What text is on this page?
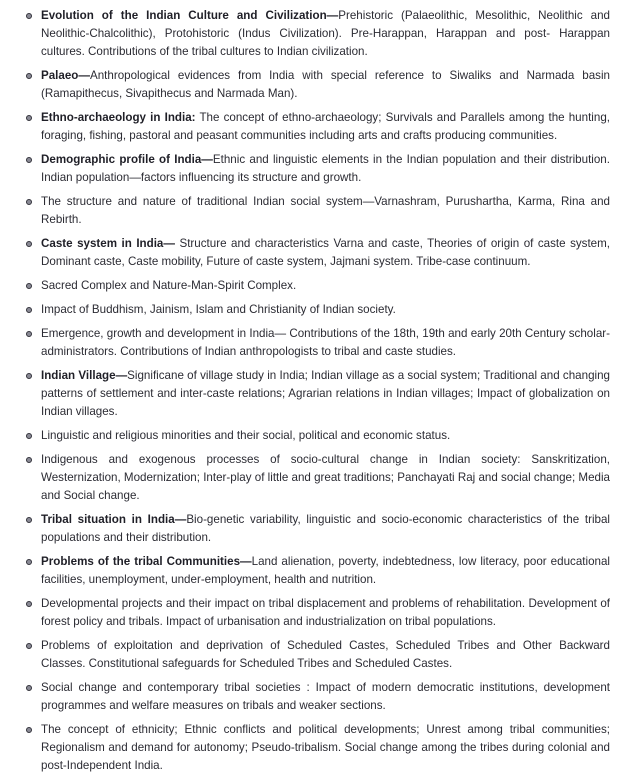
Evolution of the Indian Culture and Civilization—Prehistoric (Palaeolithic, Mesolithic, Neolithic and Neolithic-Chalcolithic), Protohistoric (Indus Civilization). Pre-Harappan, Harappan and post- Harappan cultures. Contributions of the tribal cultures to Indian civilization.
Palaeo—Anthropological evidences from India with special reference to Siwaliks and Narmada basin (Ramapithecus, Sivapithecus and Narmada Man).
Ethno-archaeology in India: The concept of ethno-archaeology; Survivals and Parallels among the hunting, foraging, fishing, pastoral and peasant communities including arts and crafts producing communities.
Demographic profile of India—Ethnic and linguistic elements in the Indian population and their distribution. Indian population—factors influencing its structure and growth.
The structure and nature of traditional Indian social system—Varnashram, Purushartha, Karma, Rina and Rebirth.
Caste system in India— Structure and characteristics Varna and caste, Theories of origin of caste system, Dominant caste, Caste mobility, Future of caste system, Jajmani system. Tribe-case continuum.
Sacred Complex and Nature-Man-Spirit Complex.
Impact of Buddhism, Jainism, Islam and Christianity of Indian society.
Emergence, growth and development in India— Contributions of the 18th, 19th and early 20th Century scholar-administrators. Contributions of Indian anthropologists to tribal and caste studies.
Indian Village—Significane of village study in India; Indian village as a social system; Traditional and changing patterns of settlement and inter-caste relations; Agrarian relations in Indian villages; Impact of globalization on Indian villages.
Linguistic and religious minorities and their social, political and economic status.
Indigenous and exogenous processes of socio-cultural change in Indian society: Sanskritization, Westernization, Modernization; Inter-play of little and great traditions; Panchayati Raj and social change; Media and Social change.
Tribal situation in India—Bio-genetic variability, linguistic and socio-economic characteristics of the tribal populations and their distribution.
Problems of the tribal Communities—Land alienation, poverty, indebtedness, low literacy, poor educational facilities, unemployment, under-employment, health and nutrition.
Developmental projects and their impact on tribal displacement and problems of rehabilitation. Development of forest policy and tribals. Impact of urbanisation and industrialization on tribal populations.
Problems of exploitation and deprivation of Scheduled Castes, Scheduled Tribes and Other Backward Classes. Constitutional safeguards for Scheduled Tribes and Scheduled Castes.
Social change and contemporary tribal societies : Impact of modern democratic institutions, development programmes and welfare measures on tribals and weaker sections.
The concept of ethnicity; Ethnic conflicts and political developments; Unrest among tribal communities; Regionalism and demand for autonomy; Pseudo-tribalism. Social change among the tribes during colonial and post-Independent India.
